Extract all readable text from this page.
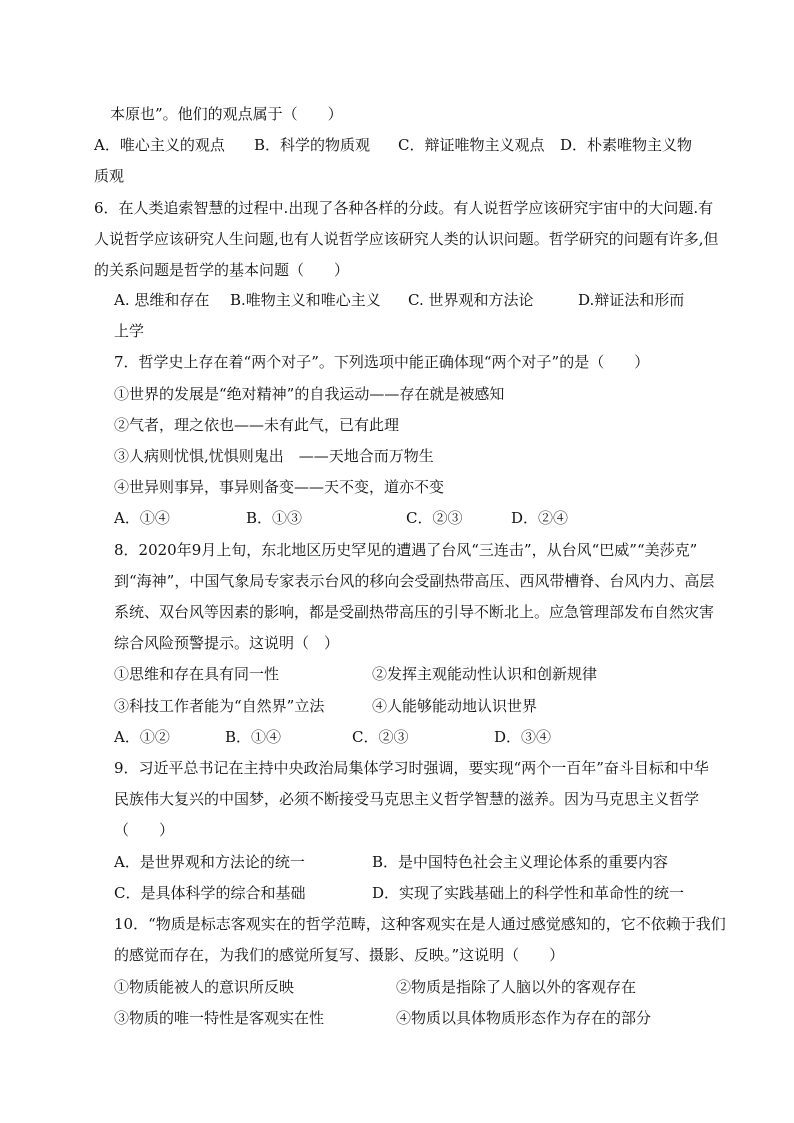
本原也”。他们的观点属于（　　）
A．唯心主义的观点 B．科学的物质观 C．辩证唯物主义观点 D．朴素唯物主义物
质观
6．在人类追索智慧的过程中.出现了各种各样的分歧。有人说哲学应该研究宇宙中的大问题.有
人说哲学应该研究人生问题,也有人说哲学应该研究人类的认识问题。哲学研究的问题有许多,但
的关系问题是哲学的基本问题（　　）
A. 思维和存在 B.唯物主义和唯心主义 C. 世界观和方法论	D.辩证法和形而
上学
7．哲学史上存在着“两个对子”。下列选项中能正确体现“两个对子”的是（　　）
①世界的发展是“绝对精神”的自我运动——存在就是被感知
②气者，理之依也——未有此气，已有此理
③人病则忧惧,忧惧则鬼出　——天地合而万物生
④世异则事异，事异则备变——天不变，道亦不变
A．①④	B．①③	C．②③	D．②④
8．2020年9月上旬，东北地区历史罕见的遭遇了台风“三连击”，从台风“巴威”“美莎克”
到“海神”，中国气象局专家表示台风的移向会受副热带高压、西风带槽脊、台风内力、高层
系统、双台风等因素的影响，都是受副热带高压的引导不断北上。应急管理部发布自然灾害
综合风险预警提示。这说明（　）
①思维和存在具有同一性	②发挥主观能动性认识和创新规律
③科技工作者能为“自然界”立法	④人能够能动地认识世界
A．①②	B．①④	C．②③	D．③④
9．习近平总书记在主持中央政治局集体学习时强调，要实现“两个一百年”奋斗目标和中华
民族伟大复兴的中国梦，必须不断接受马克思主义哲学智慧的滋养。因为马克思主义哲学
（　　）
A．是世界观和方法论的统一	B．是中国特色社会主义理论体系的重要内容
C．是具体科学的综合和基础	D．实现了实践基础上的科学性和革命性的统一
10．“物质是标志客观实在的哲学范畴，这种客观实在是人通过感觉感知的，它不依赖于我们
的感觉而存在，为我们的感觉所复写、摄影、反映。”这说明（　　）
①物质能被人的意识所反映	②物质是指除了人脑以外的客观存在
③物质的唯一特性是客观实在性	④物质以具体物质形态作为存在的部分
